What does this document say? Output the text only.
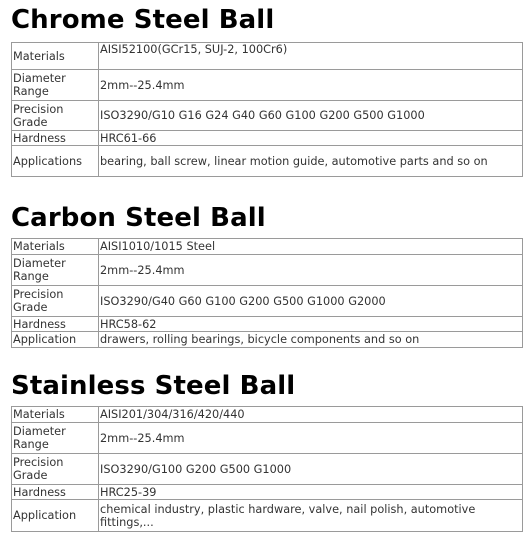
Chrome Steel Ball
Materials	AISI52100(GCr15, SUJ-2, 100Cr6)
Diameter Range	2mm--25.4mm
Precision Grade	ISO3290/G10 G16 G24 G40 G60 G100 G200 G500 G1000
Hardness	HRC61-66
Applications	bearing, ball screw, linear motion guide, automotive parts and so on
Carbon Steel Ball
Materials	AISI1010/1015 Steel
Diameter Range	2mm--25.4mm
Precision Grade	ISO3290/G40 G60 G100 G200 G500 G1000 G2000
Hardness	HRC58-62
Application	drawers, rolling bearings, bicycle components and so on
Stainless Steel Ball
Materials	AISI201/304/316/420/440
Diameter Range	2mm--25.4mm
Precision Grade	ISO3290/G100 G200 G500 G1000
Hardness	HRC25-39
Application	chemical industry, plastic hardware, valve, nail polish, automotive fittings,...
